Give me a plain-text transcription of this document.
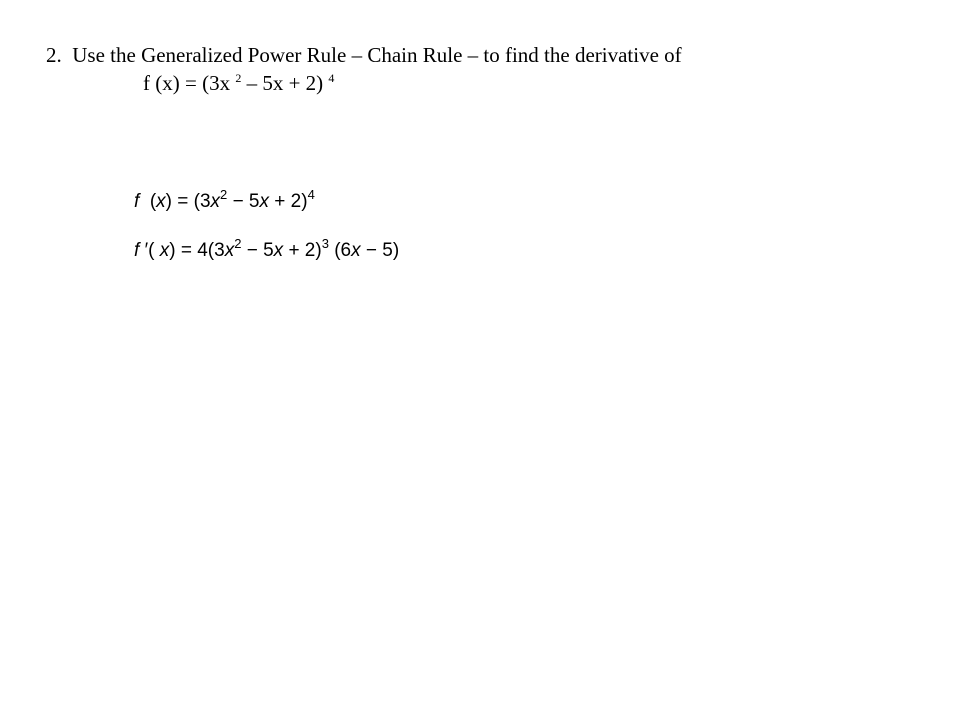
2. Use the Generalized Power Rule – Chain Rule – to find the derivative of
f (x) = (3x $^2$ – 5x + 2) $^4$
f $(x) = (3x^2 - 5x + 2)^4$
f ′( $x) = 4(3x^2 - 5x + 2)^3$ (6x − 5)
